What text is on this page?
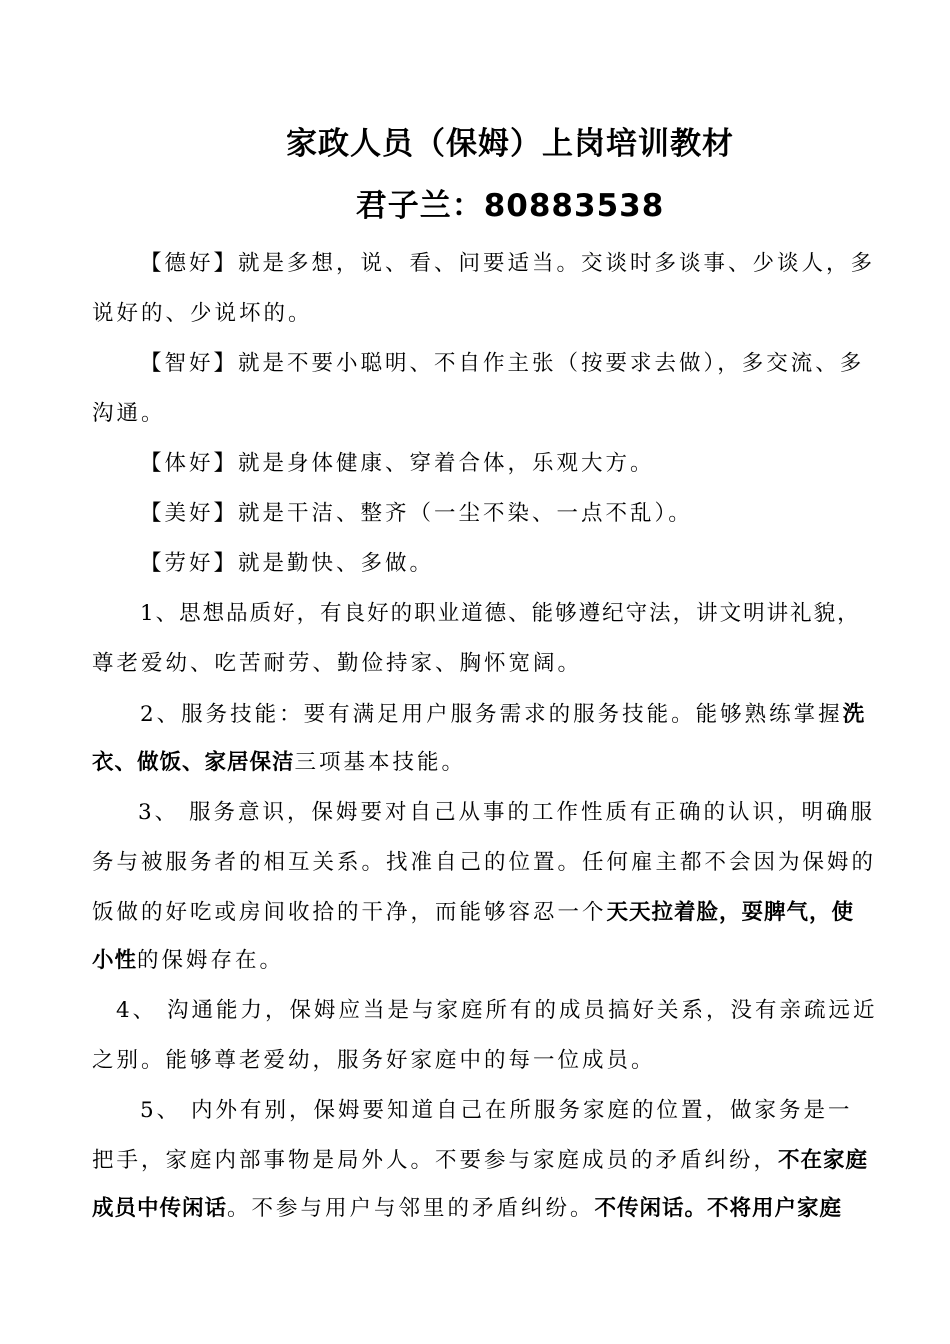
家政人员（保姆）上岗培训教材
君子兰：80883538
【德好】就是多想，说、看、问要适当。交谈时多谈事、少谈人，多
说好的、少说坏的。
【智好】就是不要小聪明、不自作主张（按要求去做），多交流、多
沟通。
【体好】就是身体健康、穿着合体，乐观大方。
【美好】就是干洁、整齐（一尘不染、一点不乱）。
【劳好】就是勤快、多做。
1、思想品质好，有良好的职业道德、能够遵纪守法，讲文明讲礼貌，
尊老爱幼、吃苦耐劳、勤俭持家、胸怀宽阔。
2、服务技能：要有满足用户服务需求的服务技能。能够熟练掌握洗
衣、做饭、家居保洁三项基本技能。
3、 服务意识，保姆要对自己从事的工作性质有正确的认识，明确服
务与被服务者的相互关系。找准自己的位置。任何雇主都不会因为保姆的
饭做的好吃或房间收拾的干净，而能够容忍一个天天拉着脸，耍脾气，使
小性的保姆存在。
4、 沟通能力，保姆应当是与家庭所有的成员搞好关系，没有亲疏远近
之别。能够尊老爱幼，服务好家庭中的每一位成员。
5、 内外有别，保姆要知道自己在所服务家庭的位置，做家务是一
把手，家庭内部事物是局外人。不要参与家庭成员的矛盾纠纷，不在家庭
成员中传闲话。不参与用户与邻里的矛盾纠纷。不传闲话。不将用户家庭
